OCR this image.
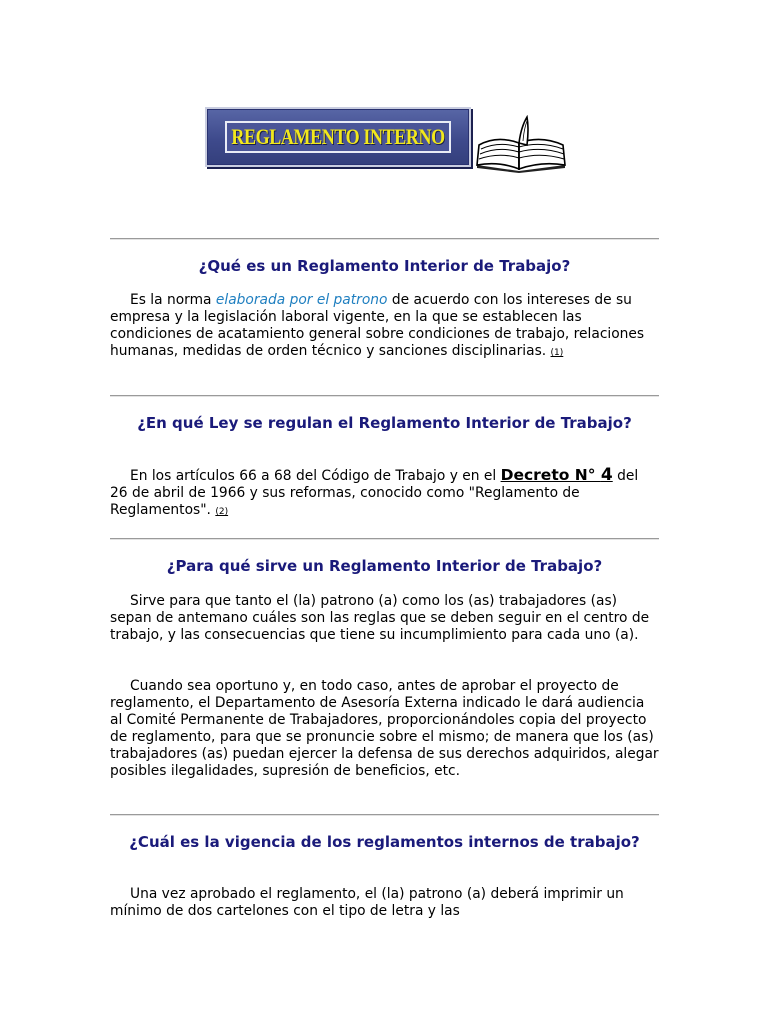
REGLAMENTO INTERNO
¿Qué es un Reglamento Interior de Trabajo?

Es la norma elaborada por el patrono de acuerdo con los intereses de su empresa y la legislación laboral vigente, en la que se establecen las condiciones de acatamiento general sobre condiciones de trabajo, relaciones humanas, medidas de orden técnico y sanciones disciplinarias. (1)

¿En qué Ley se regulan el Reglamento Interior de Trabajo?

En los artículos 66 a 68 del Código de Trabajo y en el Decreto N° 4 del 26 de abril de 1966 y sus reformas, conocido como "Reglamento de Reglamentos". (2)

¿Para qué sirve un Reglamento Interior de Trabajo?

Sirve para que tanto el (la) patrono (a) como los (as) trabajadores (as) sepan de antemano cuáles son las reglas que se deben seguir en el centro de trabajo, y las consecuencias que tiene su incumplimiento para cada uno (a).

Cuando sea oportuno y, en todo caso, antes de aprobar el proyecto de reglamento, el Departamento de Asesoría Externa indicado le dará audiencia al Comité Permanente de Trabajadores, proporcionándoles copia del proyecto de reglamento, para que se pronuncie sobre el mismo; de manera que los (as) trabajadores (as) puedan ejercer la defensa de sus derechos adquiridos, alegar posibles ilegalidades, supresión de beneficios, etc.

¿Cuál es la vigencia de los reglamentos internos de trabajo?

Una vez aprobado el reglamento, el (la) patrono (a) deberá imprimir un mínimo de dos cartelones con el tipo de letra y las
